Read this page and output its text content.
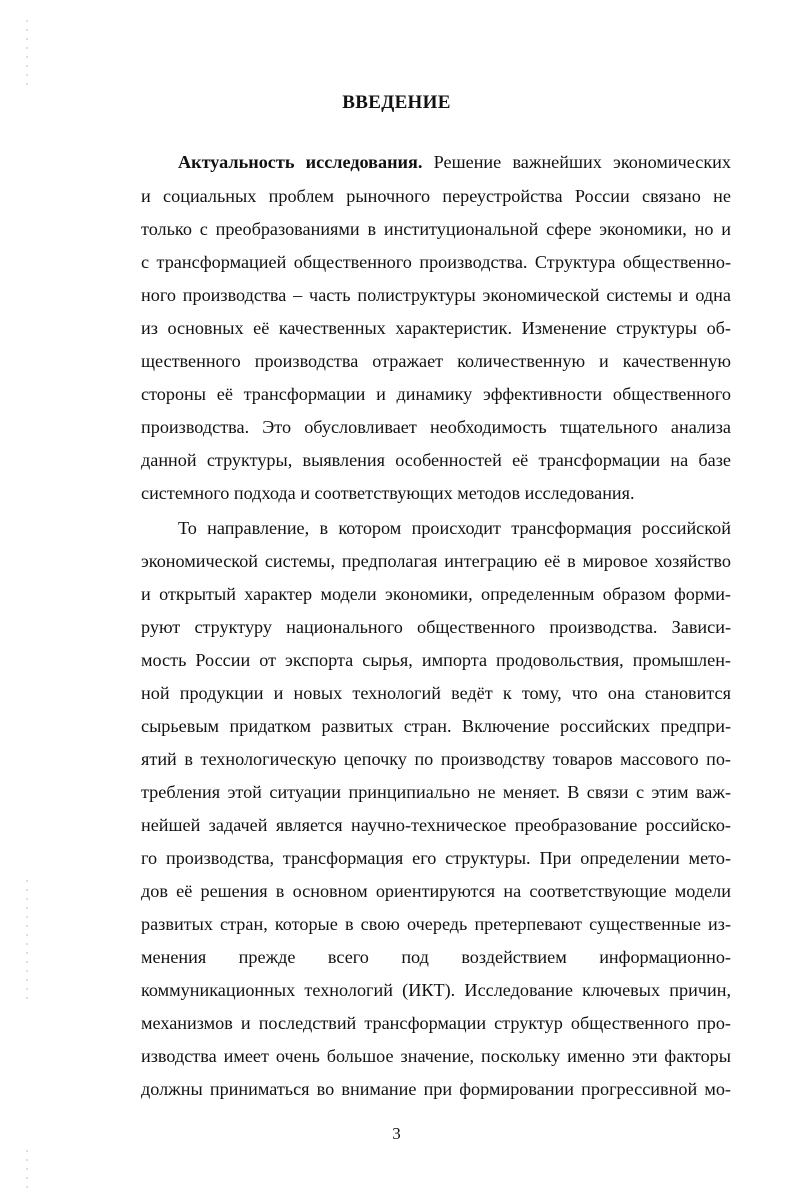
ВВЕДЕНИЕ

Актуальность исследования. Решение важнейших экономических

и социальных проблем рыночного переустройства России связано не

только с преобразованиями в институциональной сфере экономики, но и

с трансформацией общественного производства. Структура общественно-

ного производства – часть полиструктуры экономической системы и одна

из основных её качественных характеристик. Изменение структуры об-

щественного производства отражает количественную и качественную

стороны её трансформации и динамику эффективности общественного

производства. Это обусловливает необходимость тщательного анализа

данной структуры, выявления особенностей её трансформации на базе

системного подхода и соответствующих методов исследования.

То направление, в котором происходит трансформация российской

экономической системы, предполагая интеграцию её в мировое хозяйство

и открытый характер модели экономики, определенным образом форми-

руют структуру национального общественного производства. Зависи-

мость России от экспорта сырья, импорта продовольствия, промышлен-

ной продукции и новых технологий ведёт к тому, что она становится

сырьевым придатком развитых стран. Включение российских предпри-

ятий в технологическую цепочку по производству товаров массового по-

требления этой ситуации принципиально не меняет. В связи с этим важ-

нейшей задачей является научно-техническое преобразование российско-

го производства, трансформация его структуры. При определении мето-

дов её решения в основном ориентируются на соответствующие модели

развитых стран, которые в свою очередь претерпевают существенные из-

менения прежде всего под воздействием информационно-

коммуникационных технологий (ИКТ). Исследование ключевых причин,

механизмов и последствий трансформации структур общественного про-

изводства имеет очень большое значение, поскольку именно эти факторы

должны приниматься во внимание при формировании прогрессивной мо-

3
